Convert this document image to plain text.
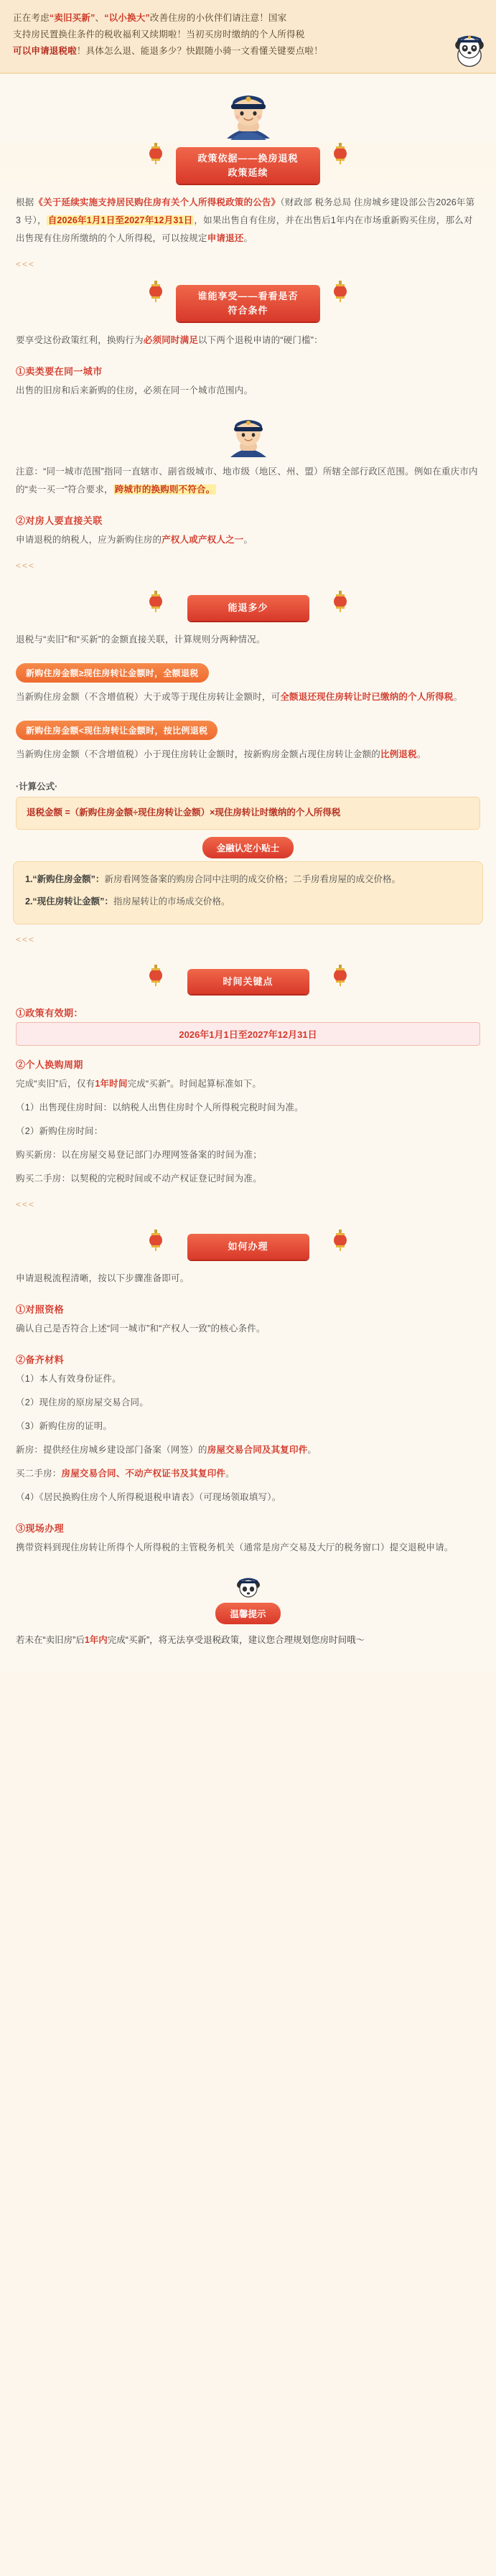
正在考虑“卖旧买新”、“以小换大”改善住房的小伙伴们请注意！国家
支持房民置换住条件的税收福利又续期啦！当初买房时缴纳的个人所得税
可以申请退税啦！具体怎么退、能退多少？快跟随小骑一文看懂关键要点啦！

政策依据——换房退税
政策延续

根据《关于延续实施支持居民购住房有关个人所得税政策的公告》（财政部 税务总局 住房城乡建设部公告2026年第 3 号）， 自2026年1月1日至2027年12月31日 ，如果出售自有住房，并在出售后1年内在市场重新购买住房，那么对出售现有住房所缴纳的个人所得税，可以按规定申请退还。

<<<
谁能享受——看看是否
符合条件

要享受这份政策红利，换购行为必须同时满足以下两个退税申请的“硬门槛”：

①卖类要在同一城市

出售的旧房和后来新购的住房，必须在同一个城市范围内。

注意：“同一城市范围”指同一直辖市、副省级城市、地市级（地区、州、盟）所辖全部行政区范围。例如在重庆市内的“卖一买一”符合要求， 跨城市的换购则不符合。

②对房人要直接关联

申请退税的纳税人，应为新购住房的产权人或产权人之一。

<<<
能退多少

退税与“卖旧”和“买新”的金额直接关联，计算规则分两种情况。

新购住房金额≥现住房转让金额时，全额退税

当新购住房金额（不含增值税）大于或等于现住房转让金额时，可全额退还现住房转让时已缴纳的个人所得税。

新购住房金额<现住房转让金额时，按比例退税

当新购住房金额（不含增值税）小于现住房转让金额时，按新购房金额占现住房转让金额的比例退税。

·计算公式·
退税金额 =（新购住房金额÷现住房转让金额）×现住房转让时缴纳的个人所得税
金融认定小贴士

1.“新购住房金额”：新房看网签备案的购房合同中注明的成交价格；二手房看房屋的成交价格。

2.“现住房转让金额”：指房屋转让的市场成交价格。

<<<
时间关键点
①政策有效期：
2026年1月1日至2027年12月31日
②个人换购周期

完成“卖旧”后，仅有1年时间完成“买新”。时间起算标准如下。

（1）出售现住房时间：以纳税人出售住房时个人所得税完税时间为准。

（2）新购住房时间：

购买新房：以在房屋交易登记部门办理网签备案的时间为准；

购买二手房：以契税的完税时间或不动产权证登记时间为准。

<<<
如何办理

申请退税流程清晰，按以下步骤准备即可。

①对照资格

确认自己是否符合上述“同一城市”和“产权人一致”的核心条件。

②备齐材料

（1）本人有效身份证件。

（2）现住房的原房屋交易合同。

（3）新购住房的证明。

新房：提供经住房城乡建设部门备案（网签）的房屋交易合同及其复印件。

买二手房：房屋交易合同、不动产权证书及其复印件。

（4）《居民换购住房个人所得税退税申请表》（可现场领取填写）。

③现场办理

携带资料到现住房转让所得个人所得税的主管税务机关（通常是房产交易及大厅的税务窗口）提交退税申请。

温馨提示
若未在“卖旧房”后1年内完成“买新”，将无法享受退税政策，建议您合理规划您房时间哦～
